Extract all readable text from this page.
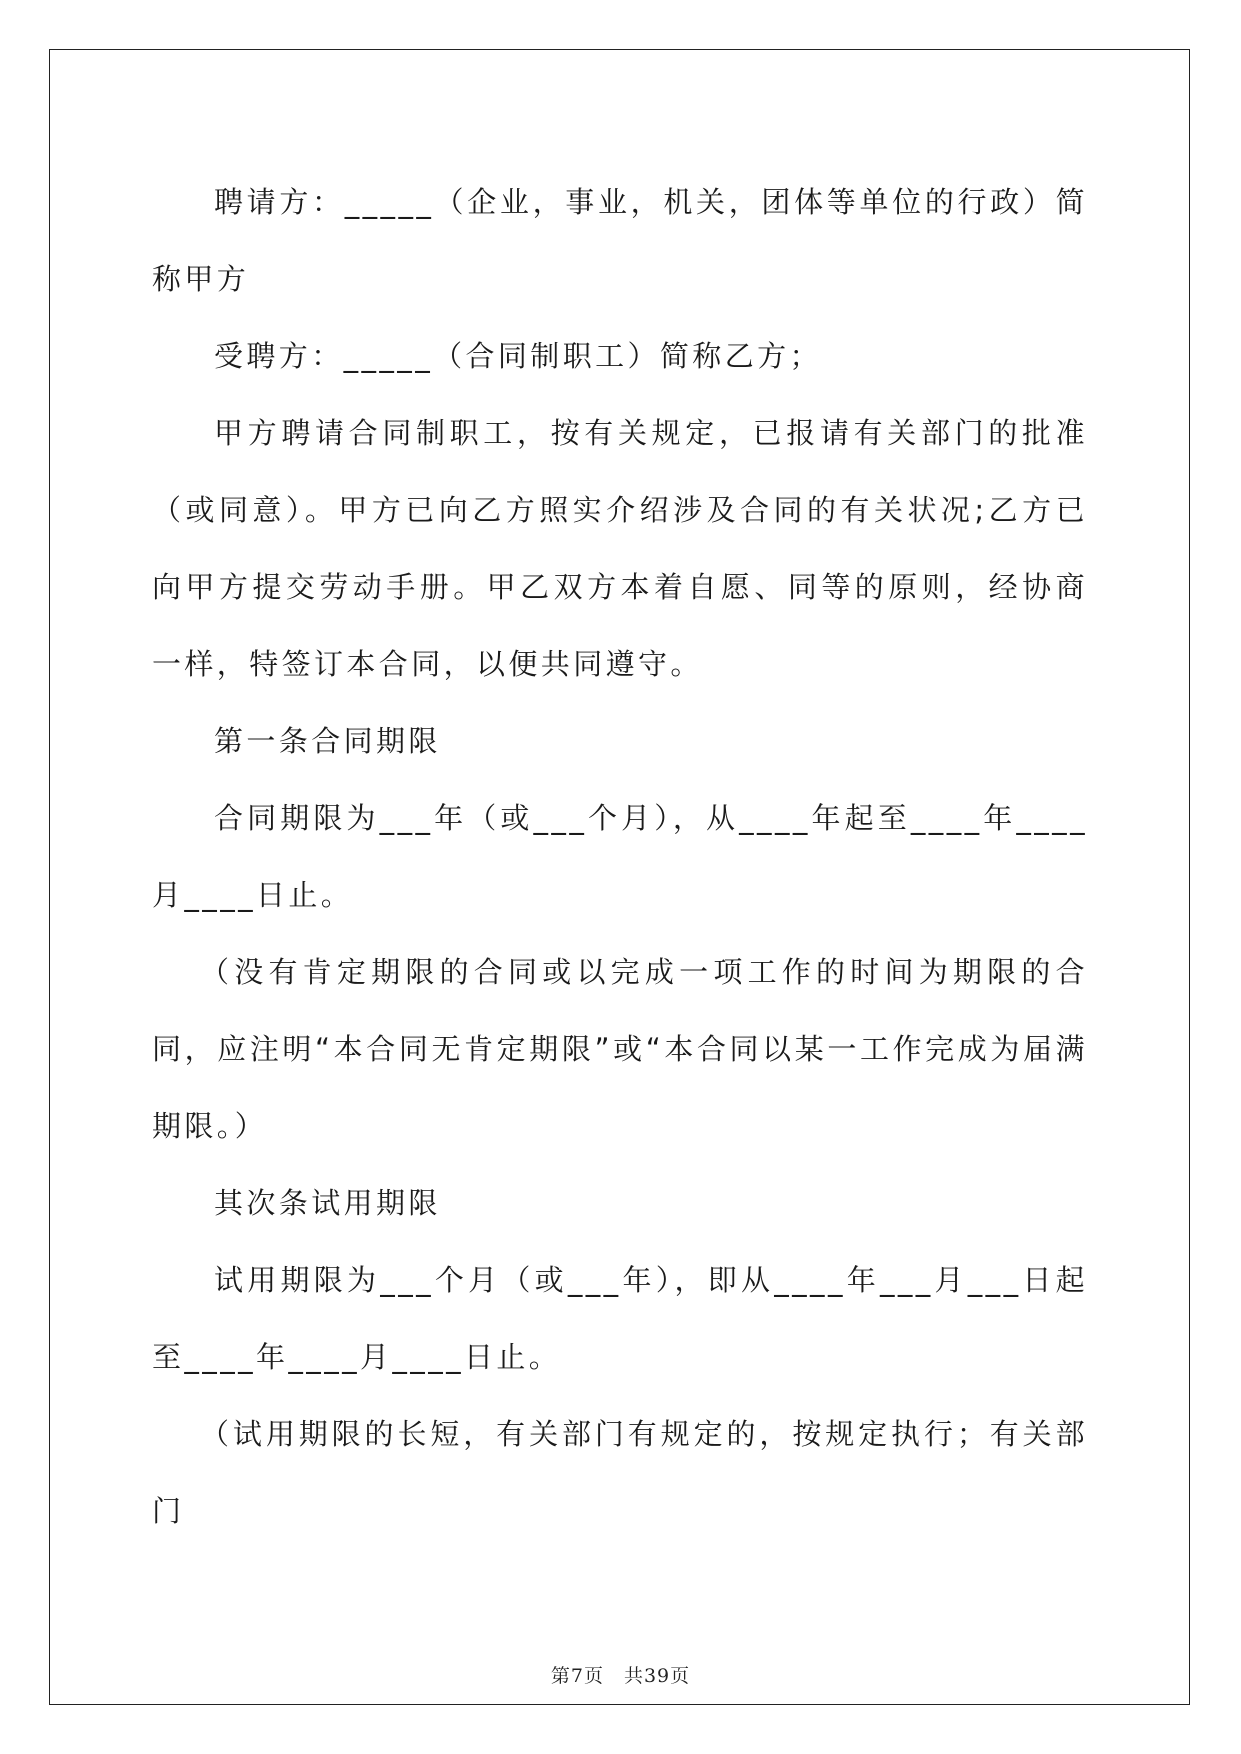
聘请方：_____（企业，事业，机关，团体等单位的行政）简称甲方

受聘方：_____（合同制职工）简称乙方；

甲方聘请合同制职工，按有关规定，已报请有关部门的批准（或同意）。甲方已向乙方照实介绍涉及合同的有关状况;乙方已向甲方提交劳动手册。甲乙双方本着自愿、同等的原则，经协商一样，特签订本合同，以便共同遵守。

第一条合同期限

合同期限为___年（或___个月），从____年起至____年____月____日止。

（没有肯定期限的合同或以完成一项工作的时间为期限的合同，应注明“本合同无肯定期限”或“本合同以某一工作完成为届满期限。）

其次条试用期限

试用期限为___个月（或___年），即从____年___月___日起至____年____月____日止。

（试用期限的长短，有关部门有规定的，按规定执行；有关部门

第7页 共39页
